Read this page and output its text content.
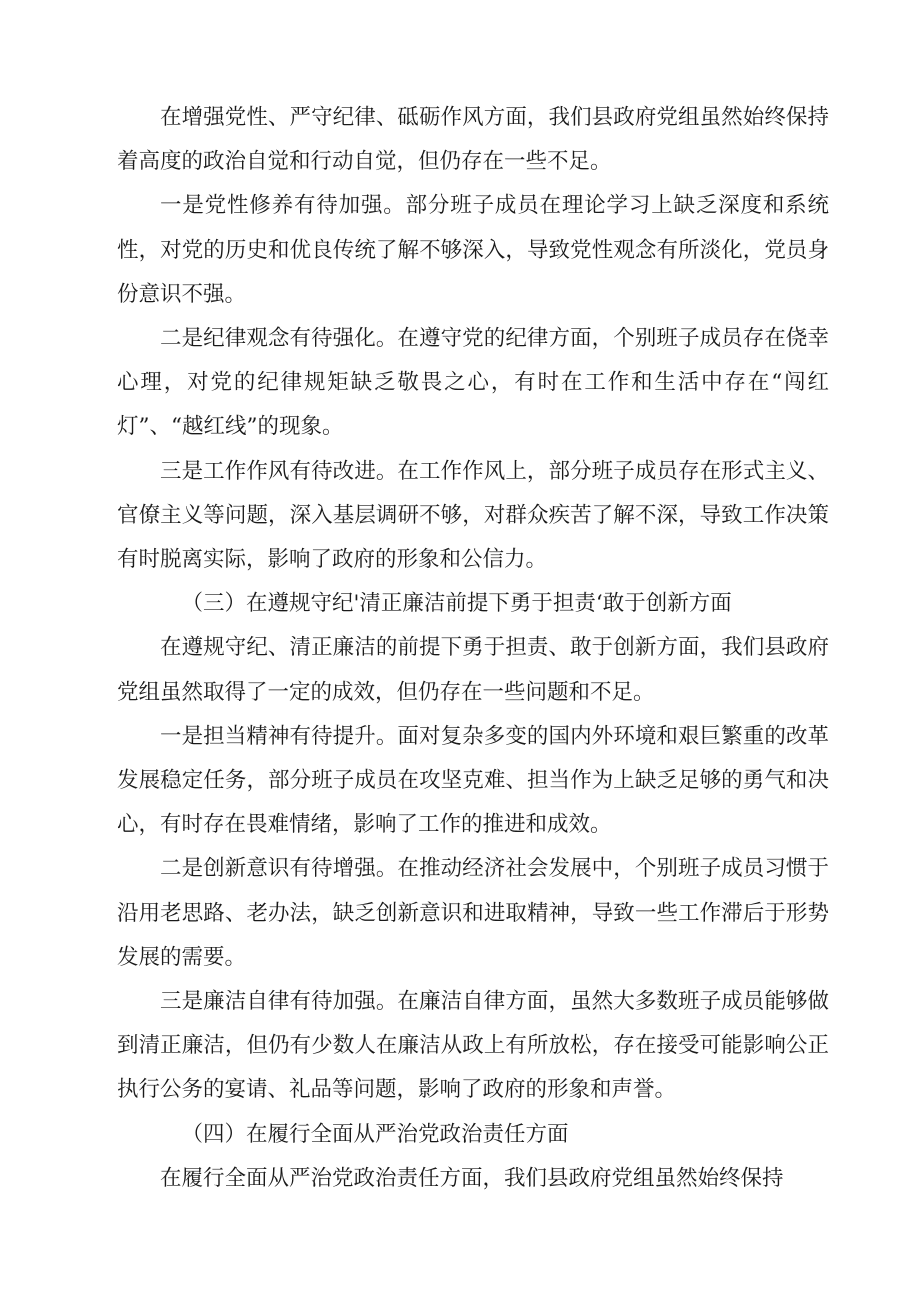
在增强党性、严守纪律、砥砺作风方面，我们县政府党组虽然始终保持着高度的政治自觉和行动自觉，但仍存在一些不足。

一是党性修养有待加强。部分班子成员在理论学习上缺乏深度和系统性，对党的历史和优良传统了解不够深入，导致党性观念有所淡化，党员身份意识不强。

二是纪律观念有待强化。在遵守党的纪律方面，个别班子成员存在侥幸心理，对党的纪律规矩缺乏敬畏之心，有时在工作和生活中存在“闯红灯”、“越红线”的现象。

三是工作作风有待改进。在工作作风上，部分班子成员存在形式主义、官僚主义等问题，深入基层调研不够，对群众疾苦了解不深，导致工作决策有时脱离实际，影响了政府的形象和公信力。

（三）在遵规守纪'清正廉洁前提下勇于担责‘敢于创新方面

在遵规守纪、清正廉洁的前提下勇于担责、敢于创新方面，我们县政府党组虽然取得了一定的成效，但仍存在一些问题和不足。

一是担当精神有待提升。面对复杂多变的国内外环境和艰巨繁重的改革发展稳定任务，部分班子成员在攻坚克难、担当作为上缺乏足够的勇气和决心，有时存在畏难情绪，影响了工作的推进和成效。

二是创新意识有待增强。在推动经济社会发展中，个别班子成员习惯于沿用老思路、老办法，缺乏创新意识和进取精神，导致一些工作滞后于形势发展的需要。

三是廉洁自律有待加强。在廉洁自律方面，虽然大多数班子成员能够做到清正廉洁，但仍有少数人在廉洁从政上有所放松，存在接受可能影响公正执行公务的宴请、礼品等问题，影响了政府的形象和声誉。

（四）在履行全面从严治党政治责任方面

在履行全面从严治党政治责任方面，我们县政府党组虽然始终保持
